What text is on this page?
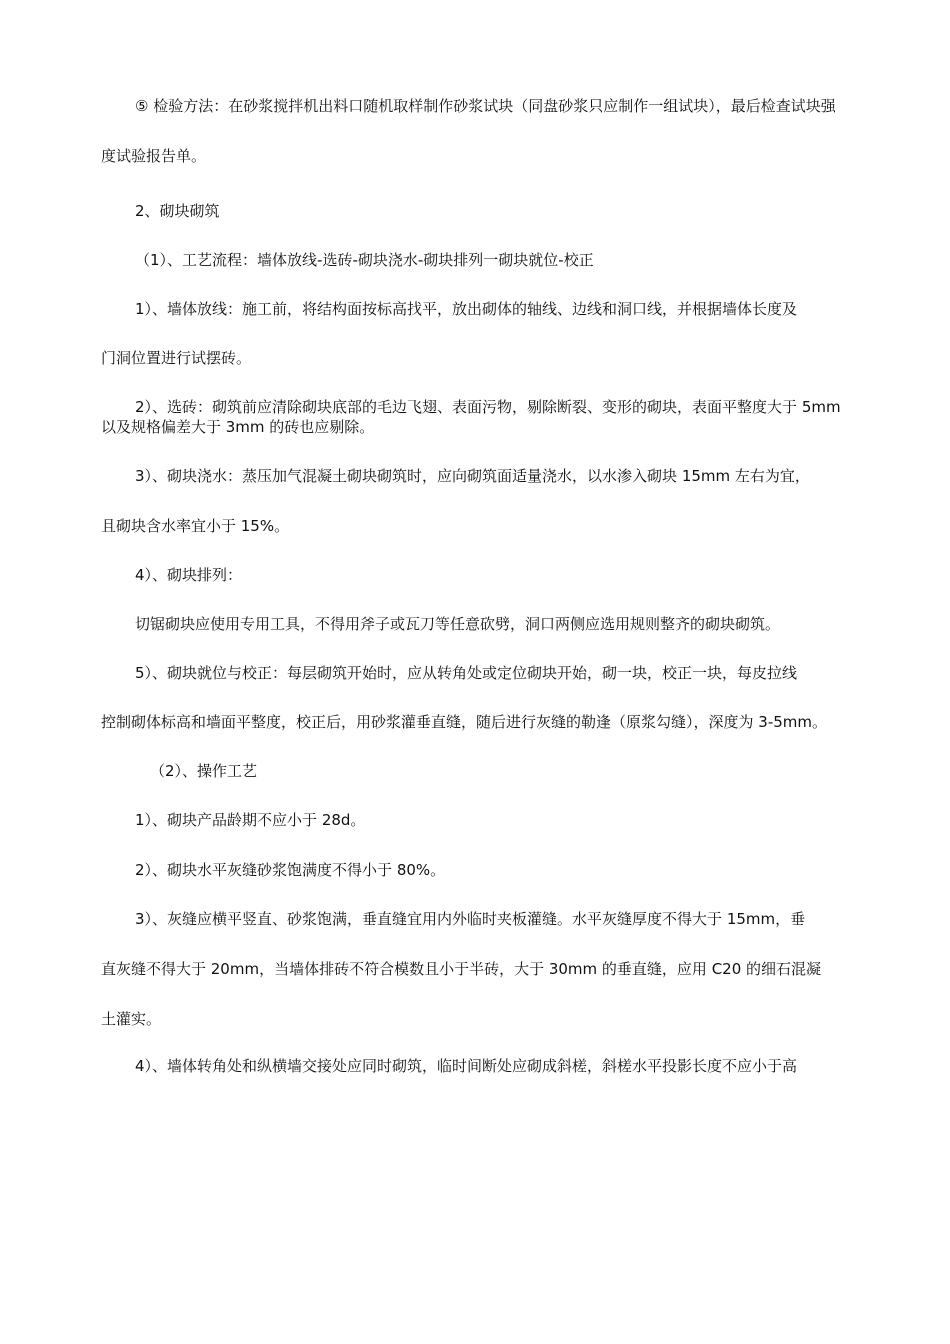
⑤ 检验方法：在砂浆搅拌机出料口随机取样制作砂浆试块（同盘砂浆只应制作一组试块），最后检查试块强
度试验报告单。
2、砌块砌筑
（1）、工艺流程：墙体放线-选砖-砌块浇水-砌块排列一砌块就位-校正
1）、墙体放线：施工前，将结构面按标高找平，放出砌体的轴线、边线和洞口线，并根据墙体长度及
门洞位置进行试摆砖。
2）、选砖：砌筑前应清除砌块底部的毛边飞翅、表面污物，剔除断裂、变形的砌块，表面平整度大于 5mm
以及规格偏差大于 3mm 的砖也应剔除。
3）、砌块浇水：蒸压加气混凝土砌块砌筑时，应向砌筑面适量浇水，以水渗入砌块 15mm 左右为宜，
且砌块含水率宜小于 15%。
4）、砌块排列：
切锯砌块应使用专用工具，不得用斧子或瓦刀等任意砍劈，洞口两侧应选用规则整齐的砌块砌筑。
5）、砌块就位与校正：每层砌筑开始时，应从转角处或定位砌块开始，砌一块，校正一块，每皮拉线
控制砌体标高和墙面平整度，校正后，用砂浆灌垂直缝，随后进行灰缝的勒逢（原浆勾缝），深度为 3-5mm。
（2）、操作工艺
1）、砌块产品龄期不应小于 28d。
2）、砌块水平灰缝砂浆饱满度不得小于 80%。
3）、灰缝应横平竖直、砂浆饱满，垂直缝宜用内外临时夹板灌缝。水平灰缝厚度不得大于 15mm，垂
直灰缝不得大于 20mm，当墙体排砖不符合模数且小于半砖，大于 30mm 的垂直缝，应用 C20 的细石混凝
土灌实。
4）、墙体转角处和纵横墙交接处应同时砌筑，临时间断处应砌成斜槎，斜槎水平投影长度不应小于高
